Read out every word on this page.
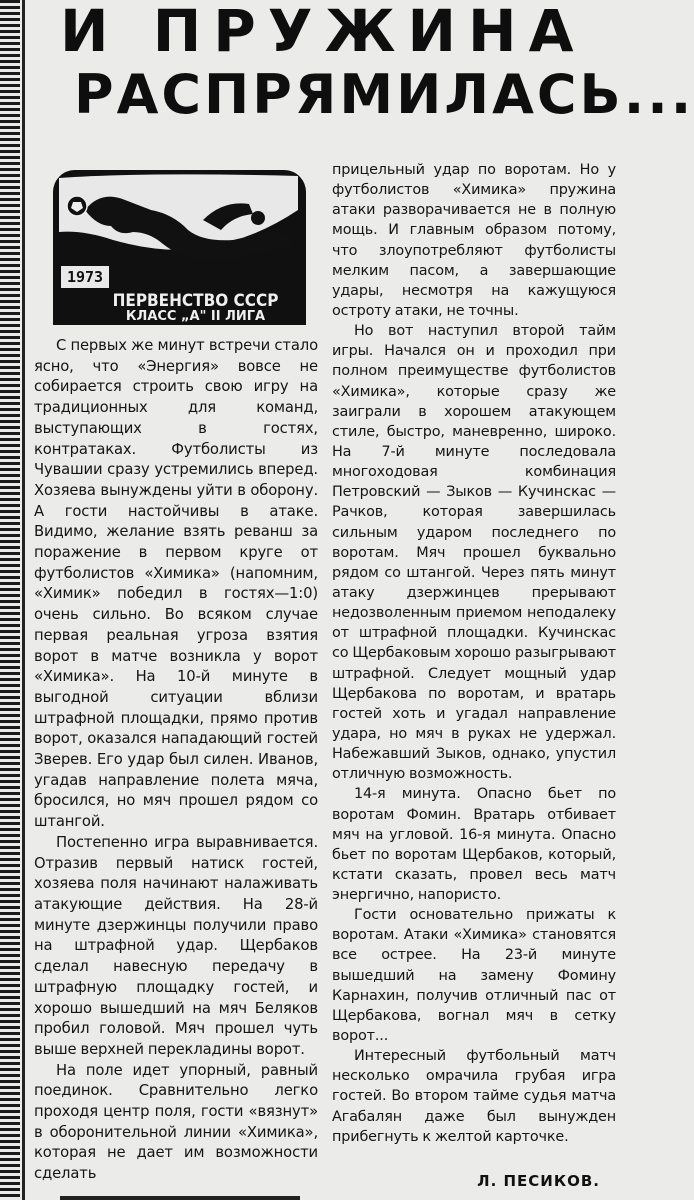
И ПРУЖИНА
РАСПРЯМИЛАСЬ...
1973
ПЕРВЕНСТВО СССР
КЛАСС „А" II ЛИГА

С первых же минут встречи стало ясно, что «Энергия» вовсе не собирается строить свою игру на традиционных для команд, выступающих в гостях, контратаках. Футболисты из Чувашии сразу устремились вперед. Хозяева вынуждены уйти в оборону. А гости настойчивы в атаке. Видимо, желание взять реванш за поражение в первом круге от футболистов «Химика» (напомним, «Химик» победил в гостях—1:0) очень сильно. Во всяком случае первая реальная угроза взятия ворот в матче возникла у ворот «Химика». На 10-й минуте в выгодной ситуации вблизи штрафной площадки, прямо против ворот, оказался нападающий гостей Зверев. Его удар был силен. Иванов, угадав направление полета мяча, бросился, но мяч прошел рядом со штангой.

Постепенно игра выравнивается. Отразив первый натиск гостей, хозяева поля начинают налаживать атакующие действия. На 28-й минуте дзержинцы получили право на штрафной удар. Щербаков сделал навесную передачу в штрафную площадку гостей, и хорошо вышедший на мяч Беляков пробил головой. Мяч прошел чуть выше верхней перекладины ворот.

На поле идет упорный, равный поединок. Сравнительно легко проходя центр поля, гости «вязнут» в оборонительной линии «Химика», которая не дает им возможности сделать

прицельный удар по воротам. Но у футболистов «Химика» пружина атаки разворачивается не в полную мощь. И главным образом потому, что злоупотребляют футболисты мелким пасом, а завершающие удары, несмотря на кажущуюся остроту атаки, не точны.

Но вот наступил второй тайм игры. Начался он и проходил при полном преимуществе футболистов «Химика», которые сразу же заиграли в хорошем атакующем стиле, быстро, маневренно, широко. На 7-й минуте последовала многоходовая комбинация Петровский — Зыков — Кучинскас — Рачков, которая завершилась сильным ударом последнего по воротам. Мяч прошел буквально рядом со штангой. Через пять минут атаку дзержинцев прерывают недозволенным приемом неподалеку от штрафной площадки. Кучинскас со Щербаковым хорошо разыгрывают штрафной. Следует мощный удар Щербакова по воротам, и вратарь гостей хоть и угадал направление удара, но мяч в руках не удержал. Набежавший Зыков, однако, упустил отличную возможность.

14-я минута. Опасно бьет по воротам Фомин. Вратарь отбивает мяч на угловой. 16-я минута. Опасно бьет по воротам Щербаков, который, кстати сказать, провел весь матч энергично, напористо.

Гости основательно прижаты к воротам. Атаки «Химика» становятся все острее. На 23-й минуте вышедший на замену Фомину Карнахин, получив отличный пас от Щербакова, вогнал мяч в сетку ворот...

Интересный футбольный матч несколько омрачила грубая игра гостей. Во втором тайме судья матча Агабалян даже был вынужден прибегнуть к желтой карточке.

Л. ПЕСИКОВ.
